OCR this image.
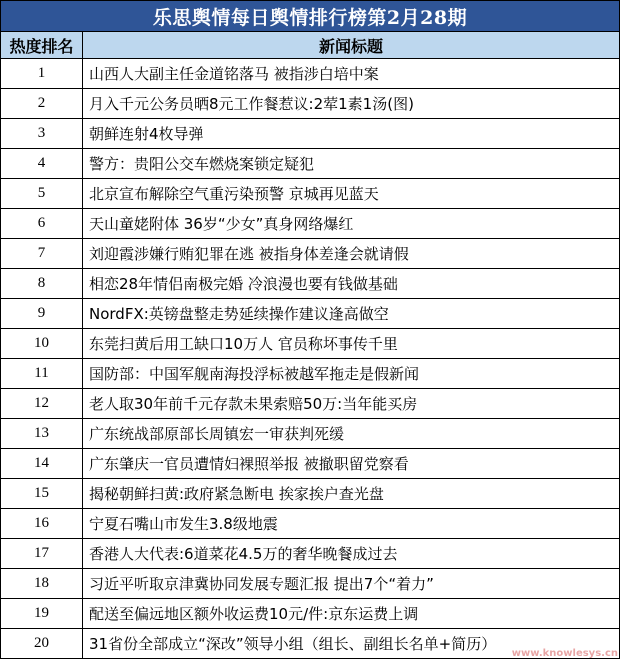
乐思舆情每日舆情排行榜第2月28期	
热度排名	新闻标题
1	山西人大副主任金道铭落马 被指涉白培中案
2	月入千元公务员晒8元工作餐惹议:2荤1素1汤(图)
3	朝鲜连射4枚导弹
4	警方：贵阳公交车燃烧案锁定疑犯
5	北京宣布解除空气重污染预警 京城再见蓝天
6	天山童姥附体 36岁“少女”真身网络爆红
7	刘迎霞涉嫌行贿犯罪在逃 被指身体差逢会就请假
8	相恋28年情侣南极完婚 冷浪漫也要有钱做基础
9	NordFX:英镑盘整走势延续操作建议逢高做空
10	东莞扫黄后用工缺口10万人 官员称坏事传千里
11	国防部：中国军舰南海投浮标被越军拖走是假新闻
12	老人取30年前千元存款未果索赔50万:当年能买房
13	广东统战部原部长周镇宏一审获判死缓
14	广东肇庆一官员遭情妇裸照举报 被撤职留党察看
15	揭秘朝鲜扫黄:政府紧急断电 挨家挨户查光盘
16	宁夏石嘴山市发生3.8级地震
17	香港人大代表:6道菜花4.5万的奢华晚餐成过去
18	习近平听取京津冀协同发展专题汇报 提出7个“着力”
19	配送至偏远地区额外收运费10元/件:京东运费上调
20	31省份全部成立“深改”领导小组（组长、副组长名单+简历）
www.knowlesys.cn
